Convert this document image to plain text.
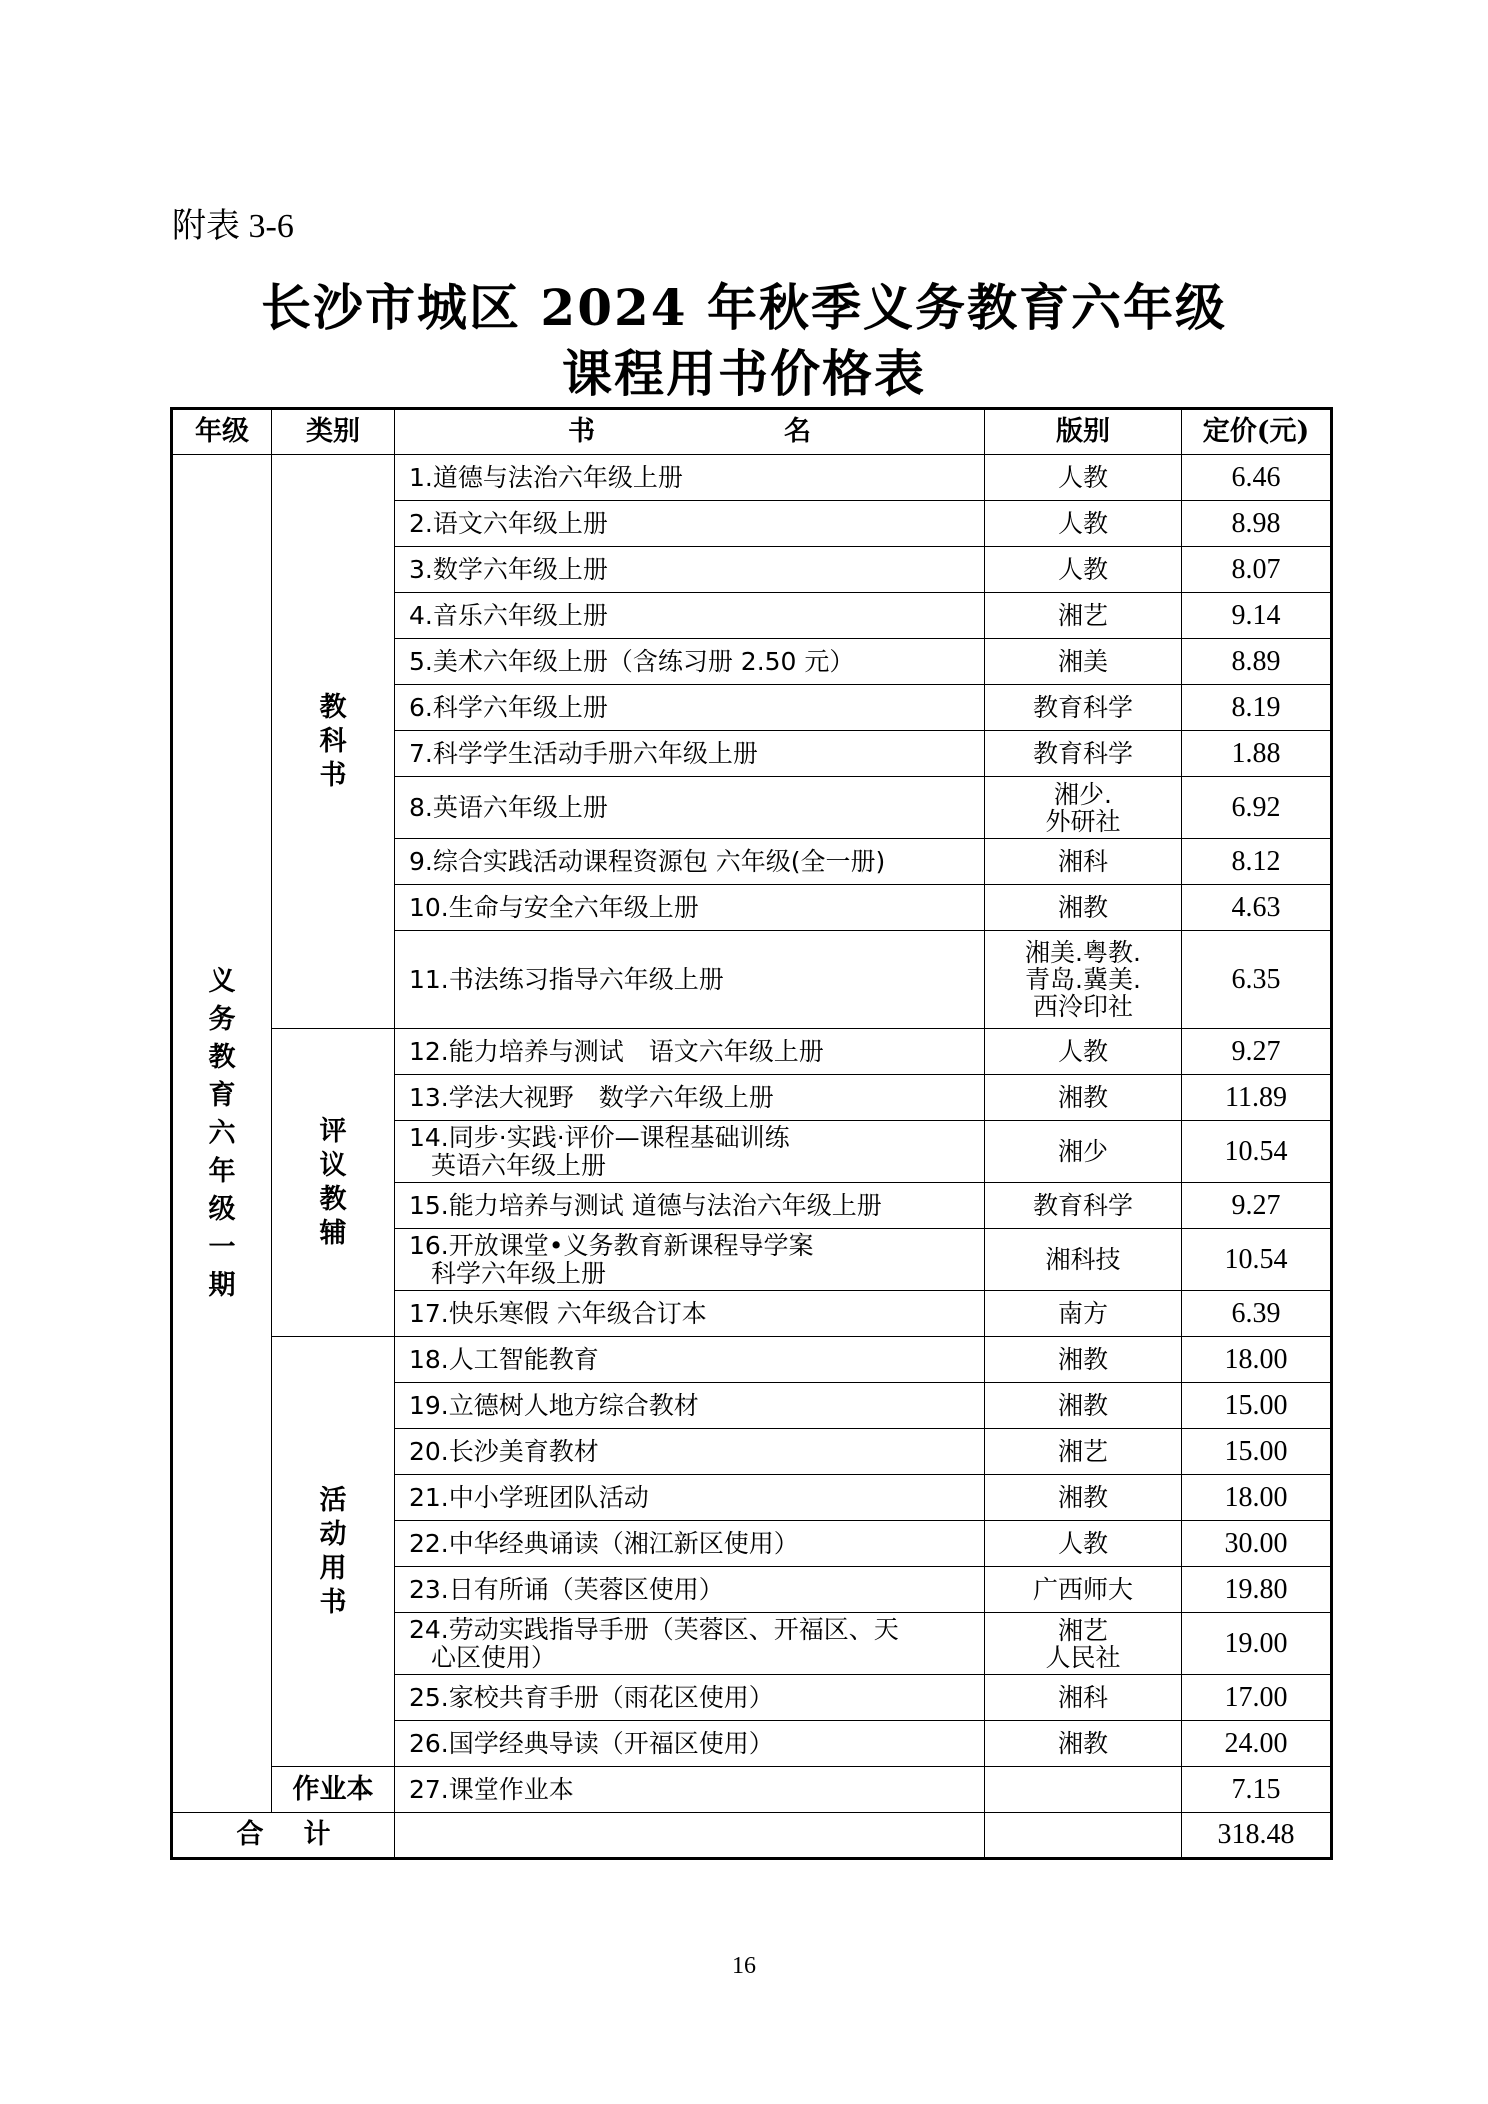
附表 3-6
长沙市城区 2024 年秋季义务教育六年级
课程用书价格表
年级	类别	书　　　　　　　名	版别	定价(元)
义务教育六年级一期	教科书	1.道德与法治六年级上册	人教	6.46
		2.语文六年级上册	人教	8.98
		3.数学六年级上册	人教	8.07
		4.音乐六年级上册	湘艺	9.14
		5.美术六年级上册（含练习册 2.50 元）	湘美	8.89
		6.科学六年级上册	教育科学	8.19
		7.科学学生活动手册六年级上册	教育科学	1.88
		8.英语六年级上册	湘少.
外研社	6.92
		9.综合实践活动课程资源包 六年级(全一册)	湘科	8.12
		10.生命与安全六年级上册	湘教	4.63
		11.书法练习指导六年级上册	湘美.粤教.
青岛.冀美.
西泠印社	6.35
	评议教辅	12.能力培养与测试　语文六年级上册	人教	9.27
		13.学法大视野　数学六年级上册	湘教	11.89

		14.同步·实践·评价—课程基础训练
英语六年级上册	湘少	10.54
		15.能力培养与测试 道德与法治六年级上册	教育科学	9.27

		16.开放课堂•义务教育新课程导学案
科学六年级上册	湘科技	10.54
		17.快乐寒假 六年级合订本	南方	6.39
	活动用书	18.人工智能教育	湘教	18.00
		19.立德树人地方综合教材	湘教	15.00
		20.长沙美育教材	湘艺	15.00
		21.中小学班团队活动	湘教	18.00
		22.中华经典诵读（湘江新区使用）	人教	30.00
		23.日有所诵（芙蓉区使用）	广西师大	19.80

		24.劳动实践指导手册（芙蓉区、开福区、天
心区使用）	湘艺
人民社	19.00
		25.家校共育手册（雨花区使用）	湘科	17.00
		26.国学经典导读（开福区使用）	湘教	24.00
	作业本	27.课堂作业本		7.15
合计				318.48
16
